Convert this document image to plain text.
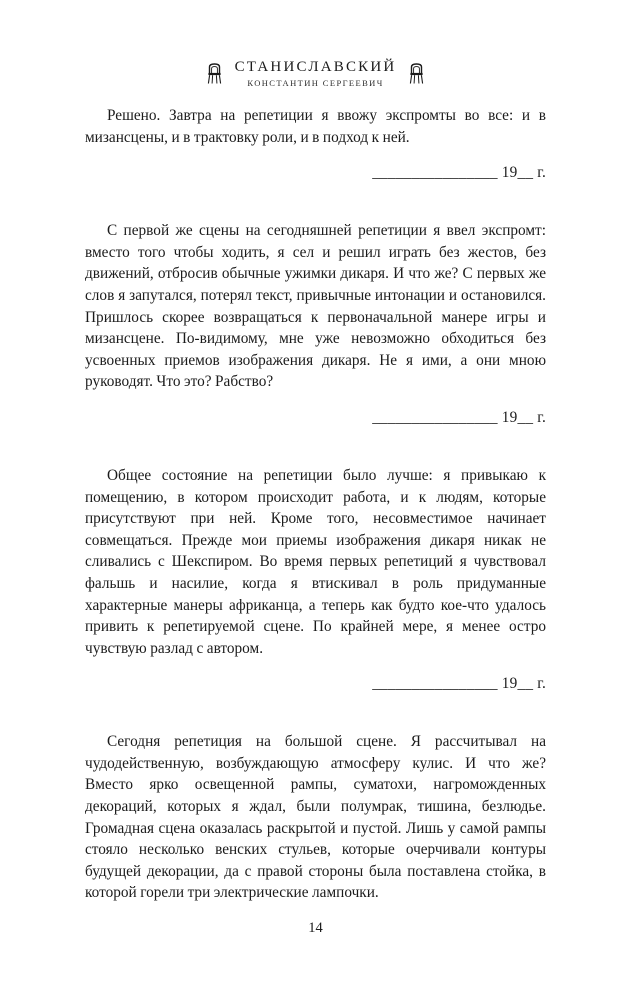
СТАНИСЛАВСКИЙ
КОНСТАНТИН СЕРГЕЕВИЧ

Решено. Завтра на репетиции я ввожу экспромты во все: и в мизансцены, и в трактовку роли, и в подход к ней.

________________ 19__ г.

С первой же сцены на сегодняшней репетиции я ввел экспромт: вместо того чтобы ходить, я сел и решил играть без жестов, без движений, отбросив обычные ужимки дикаря. И что же? С первых же слов я запутался, потерял текст, привычные интонации и остановился. Пришлось скорее возвращаться к первоначальной манере игры и мизансцене. По-видимому, мне уже невозможно обходиться без усвоенных приемов изображения дикаря. Не я ими, а они мною руководят. Что это? Рабство?

________________ 19__ г.

Общее состояние на репетиции было лучше: я привыкаю к помещению, в котором происходит работа, и к людям, которые присутствуют при ней. Кроме того, несовместимое начинает совмещаться. Прежде мои приемы изображения дикаря никак не сливались с Шекспиром. Во время первых репетиций я чувствовал фальшь и насилие, когда я втискивал в роль придуманные характерные манеры африканца, а теперь как будто кое-что удалось привить к репетируемой сцене. По крайней мере, я менее остро чувствую разлад с автором.

________________ 19__ г.

Сегодня репетиция на большой сцене. Я рассчитывал на чудодейственную, возбуждающую атмосферу кулис. И что же? Вместо ярко освещенной рампы, суматохи, нагроможденных декораций, которых я ждал, были полумрак, тишина, безлюдье. Громадная сцена оказалась раскрытой и пустой. Лишь у самой рампы стояло несколько венских стульев, которые очерчивали контуры будущей декорации, да с правой стороны была поставлена стойка, в которой горели три электрические лампочки.

14
